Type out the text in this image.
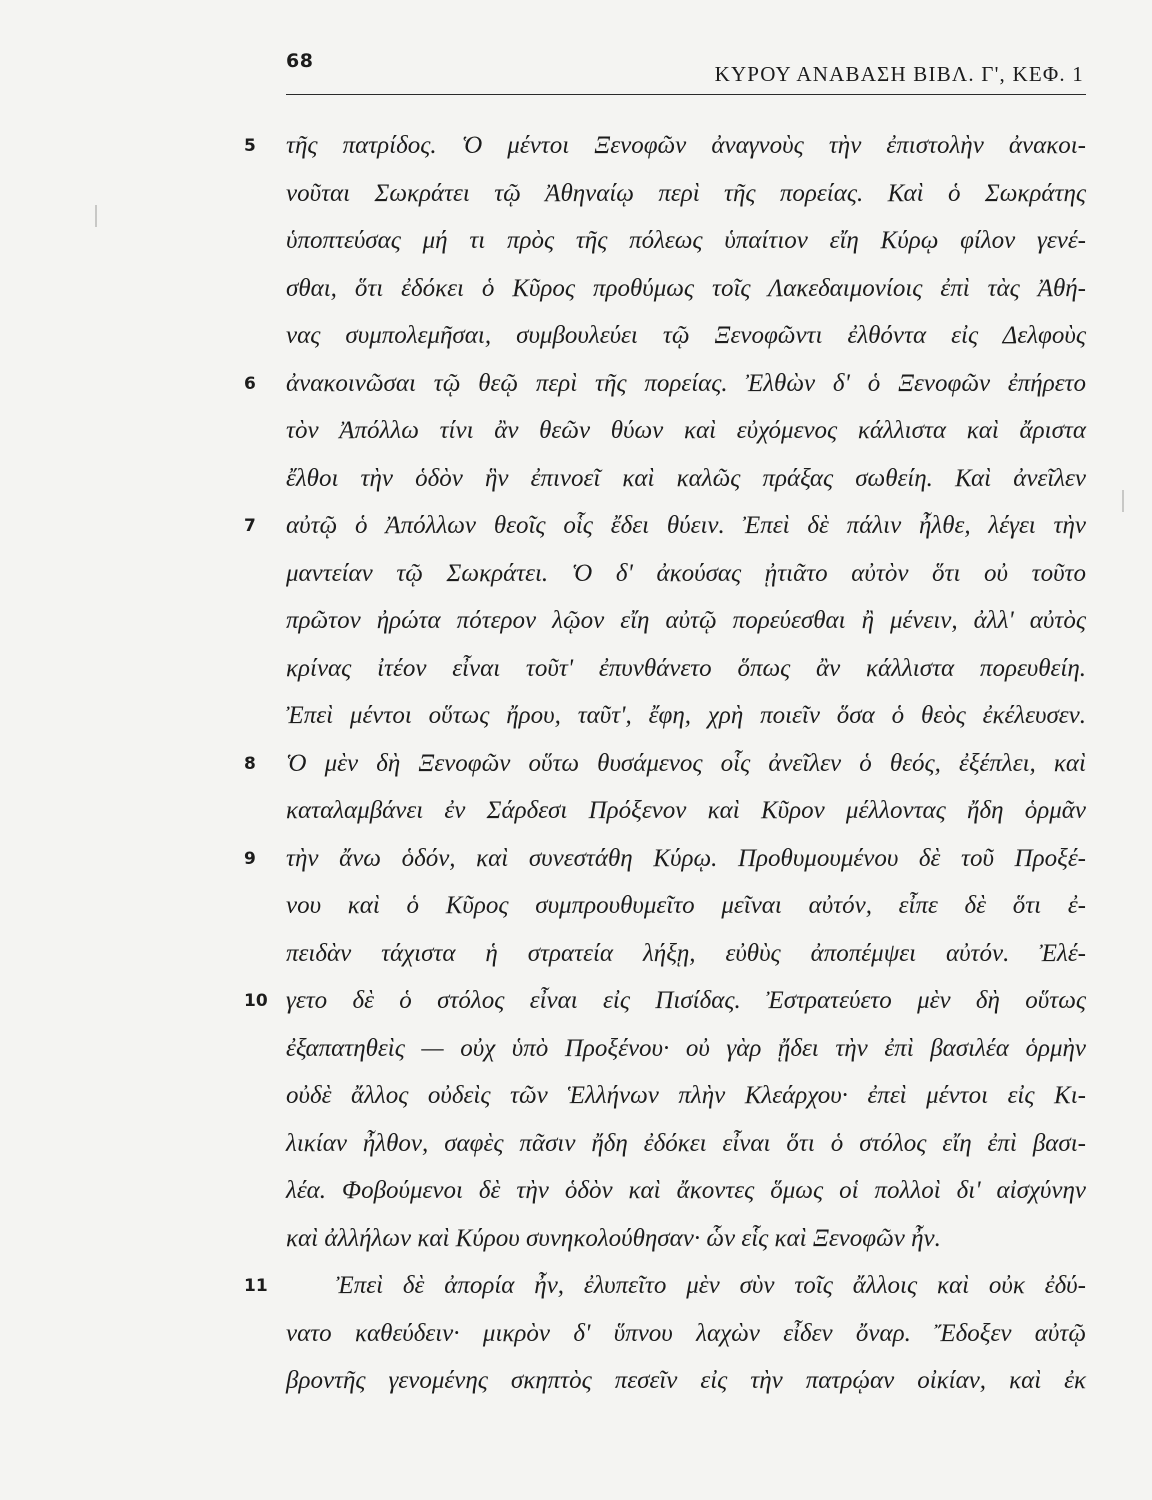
68
ΚΥΡΟΥ ΑΝΑΒΑΣΗ ΒΙΒΛ. Γ', ΚΕΦ. 1
5	τῆς πατρίδος. Ὁ μέντοι Ξενοφῶν ἀναγνοὺς τὴν ἐπιστολὴν ἀνακοι-
νοῦται Σωκράτει τῷ Ἀθηναίῳ περὶ τῆς πορείας. Καὶ ὁ Σωκράτης
ὑποπτεύσας μή τι πρὸς τῆς πόλεως ὑπαίτιον εἴη Κύρῳ φίλον γενέ-
σθαι, ὅτι ἐδόκει ὁ Κῦρος προθύμως τοῖς Λακεδαιμονίοις ἐπὶ τὰς Ἀθή-
νας συμπολεμῆσαι, συμβουλεύει τῷ Ξενοφῶντι ἐλθόντα εἰς Δελφοὺς
6	ἀνακοινῶσαι τῷ θεῷ περὶ τῆς πορείας. Ἐλθὼν δ' ὁ Ξενοφῶν ἐπήρετο
τὸν Ἀπόλλω τίνι ἂν θεῶν θύων καὶ εὐχόμενος κάλλιστα καὶ ἄριστα
ἔλθοι τὴν ὁδὸν ἣν ἐπινοεῖ καὶ καλῶς πράξας σωθείη. Καὶ ἀνεῖλεν
7	αὐτῷ ὁ Ἀπόλλων θεοῖς οἷς ἔδει θύειν. Ἐπεὶ δὲ πάλιν ἦλθε, λέγει τὴν
μαντείαν τῷ Σωκράτει. Ὁ δ' ἀκούσας ᾐτιᾶτο αὐτὸν ὅτι οὐ τοῦτο
πρῶτον ἠρώτα πότερον λῷον εἴη αὐτῷ πορεύεσθαι ἢ μένειν, ἀλλ' αὐτὸς
κρίνας ἰτέον εἶναι τοῦτ' ἐπυνθάνετο ὅπως ἂν κάλλιστα πορευθείη.
Ἐπεὶ μέντοι οὕτως ἤρου, ταῦτ', ἔφη, χρὴ ποιεῖν ὅσα ὁ θεὸς ἐκέλευσεν.
8	Ὁ μὲν δὴ Ξενοφῶν οὕτω θυσάμενος οἷς ἀνεῖλεν ὁ θεός, ἐξέπλει, καὶ
καταλαμβάνει ἐν Σάρδεσι Πρόξενον καὶ Κῦρον μέλλοντας ἤδη ὁρμᾶν
9	τὴν ἄνω ὁδόν, καὶ συνεστάθη Κύρῳ. Προθυμουμένου δὲ τοῦ Προξέ-
νου καὶ ὁ Κῦρος συμπρουθυμεῖτο μεῖναι αὐτόν, εἶπε δὲ ὅτι ἐ-
πειδὰν τάχιστα ἡ στρατεία λήξῃ, εὐθὺς ἀποπέμψει αὐτόν. Ἐλέ-
10 γετο δὲ ὁ στόλος εἶναι εἰς Πισίδας. Ἐστρατεύετο μὲν δὴ οὕτως
ἐξαπατηθεὶς — οὐχ ὑπὸ Προξένου· οὐ γὰρ ᾔδει τὴν ἐπὶ βασιλέα ὁρμὴν
οὐδὲ ἄλλος οὐδεὶς τῶν Ἑλλήνων πλὴν Κλεάρχου· ἐπεὶ μέντοι εἰς Κι-
λικίαν ἦλθον, σαφὲς πᾶσιν ἤδη ἐδόκει εἶναι ὅτι ὁ στόλος εἴη ἐπὶ βασι-
λέα. Φοβούμενοι δὲ τὴν ὁδὸν καὶ ἄκοντες ὅμως οἱ πολλοὶ δι' αἰσχύνην
καὶ ἀλλήλων καὶ Κύρου συνηκολούθησαν· ὧν εἷς καὶ Ξενοφῶν ἦν.
11	Ἐπεὶ δὲ ἀπορία ἦν, ἐλυπεῖτο μὲν σὺν τοῖς ἄλλοις καὶ οὐκ ἐδύ-
νατο καθεύδειν· μικρὸν δ' ὕπνου λαχὼν εἶδεν ὄναρ. Ἔδοξεν αὐτῷ
βροντῆς γενομένης σκηπτὸς πεσεῖν εἰς τὴν πατρῴαν οἰκίαν, καὶ ἐκ
